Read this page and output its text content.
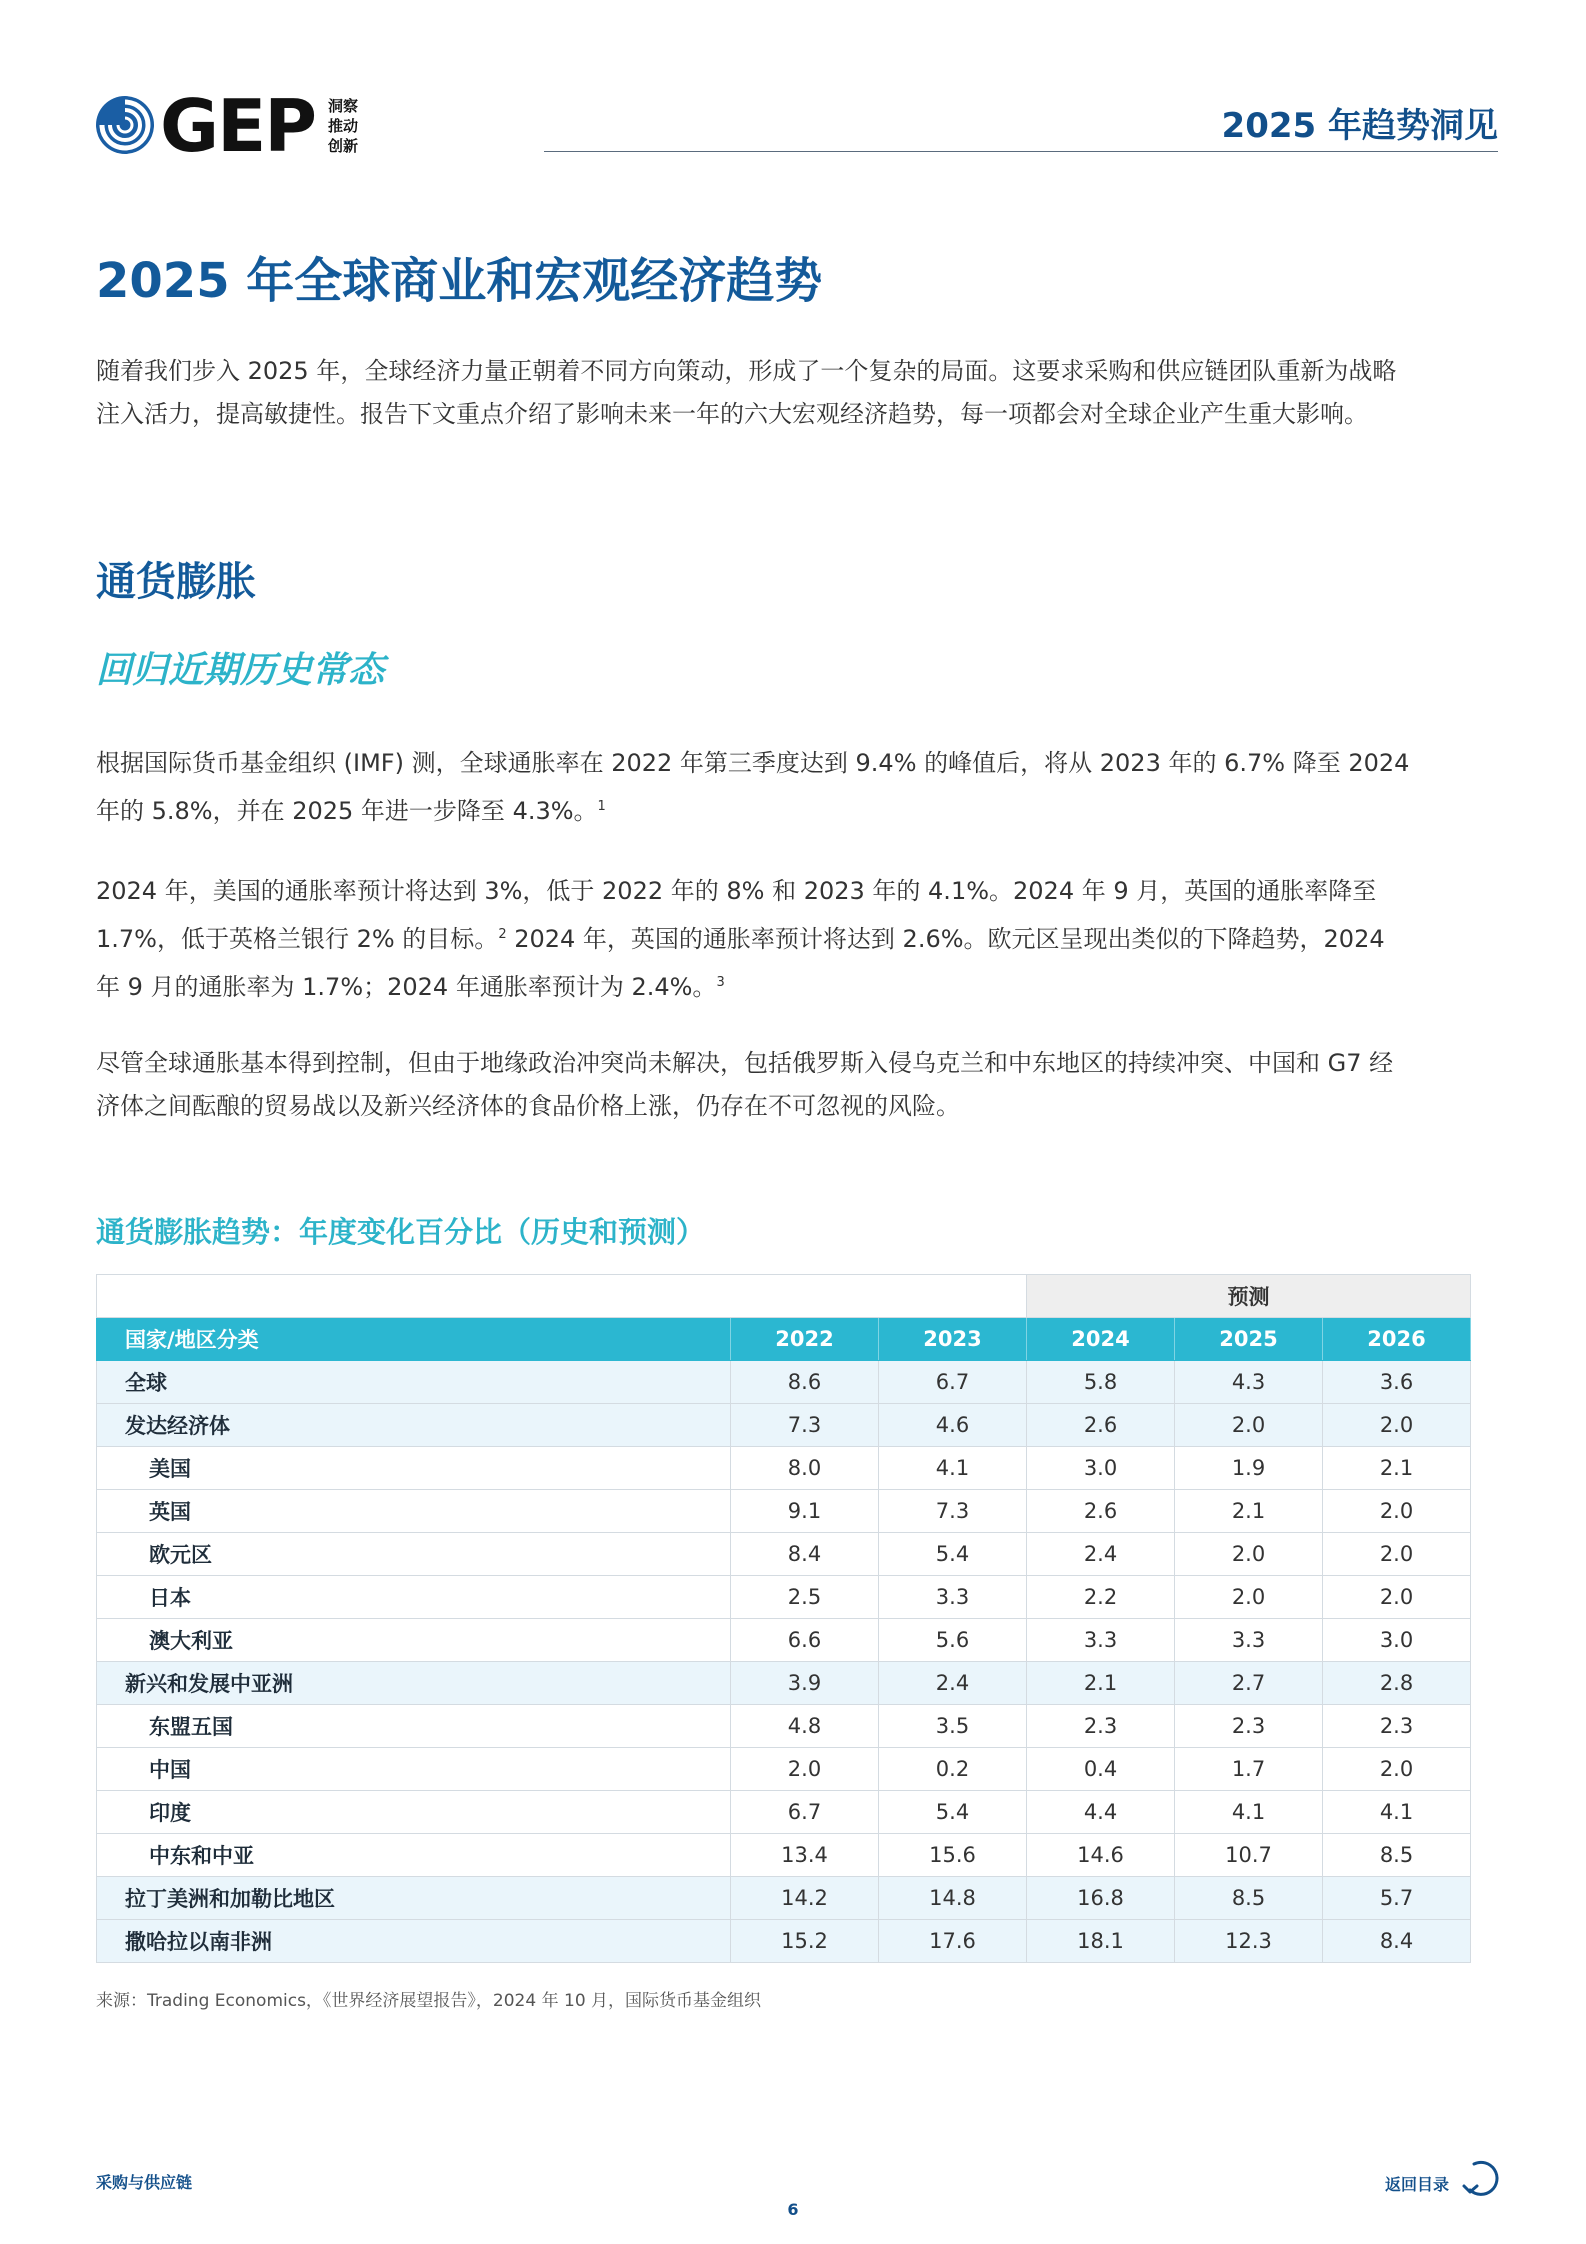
GEP 洞察
推动
创新	2025 年趋势洞见
2025 年全球商业和宏观经济趋势
随着我们步入 2025 年，全球经济力量正朝着不同方向策动，形成了一个复杂的局面。这要求采购和供应链团队重新为战略注入活力，提高敏捷性。报告下文重点介绍了影响未来一年的六大宏观经济趋势，每一项都会对全球企业产生重大影响。
通货膨胀
回归近期历史常态
根据国际货币基金组织 (IMF) 测，全球通胀率在 2022 年第三季度达到 9.4% 的峰值后，将从 2023 年的 6.7% 降至 2024 年的 5.8%，并在 2025 年进一步降至 4.3%。$^1$
2024 年，美国的通胀率预计将达到 3%，低于 2022 年的 8% 和 2023 年的 4.1%。2024 年 9 月，英国的通胀率降至 1.7%，低于英格兰银行 2% 的目标。$^2$ 2024 年，英国的通胀率预计将达到 2.6%。欧元区呈现出类似的下降趋势，2024 年 9 月的通胀率为 1.7%；2024 年通胀率预计为 2.4%。$^3$
尽管全球通胀基本得到控制，但由于地缘政治冲突尚未解决，包括俄罗斯入侵乌克兰和中东地区的持续冲突、中国和 G7 经济体之间酝酿的贸易战以及新兴经济体的食品价格上涨，仍存在不可忽视的风险。
通货膨胀趋势：年度变化百分比（历史和预测）
			预测		
国家/地区分类	2022	2023	2024	2025	2026
全球	8.6	6.7	5.8	4.3	3.6
发达经济体	7.3	4.6	2.6	2.0	2.0
美国	8.0	4.1	3.0	1.9	2.1
英国	9.1	7.3	2.6	2.1	2.0
欧元区	8.4	5.4	2.4	2.0	2.0
日本	2.5	3.3	2.2	2.0	2.0
澳大利亚	6.6	5.6	3.3	3.3	3.0
新兴和发展中亚洲	3.9	2.4	2.1	2.7	2.8
东盟五国	4.8	3.5	2.3	2.3	2.3
中国	2.0	0.2	0.4	1.7	2.0
印度	6.7	5.4	4.4	4.1	4.1
中东和中亚	13.4	15.6	14.6	10.7	8.5
拉丁美洲和加勒比地区	14.2	14.8	16.8	8.5	5.7
撒哈拉以南非洲	15.2	17.6	18.1	12.3	8.4
来源：Trading Economics，《世界经济展望报告》，2024 年 10 月，国际货币基金组织
采购与供应链
6
返回目录
